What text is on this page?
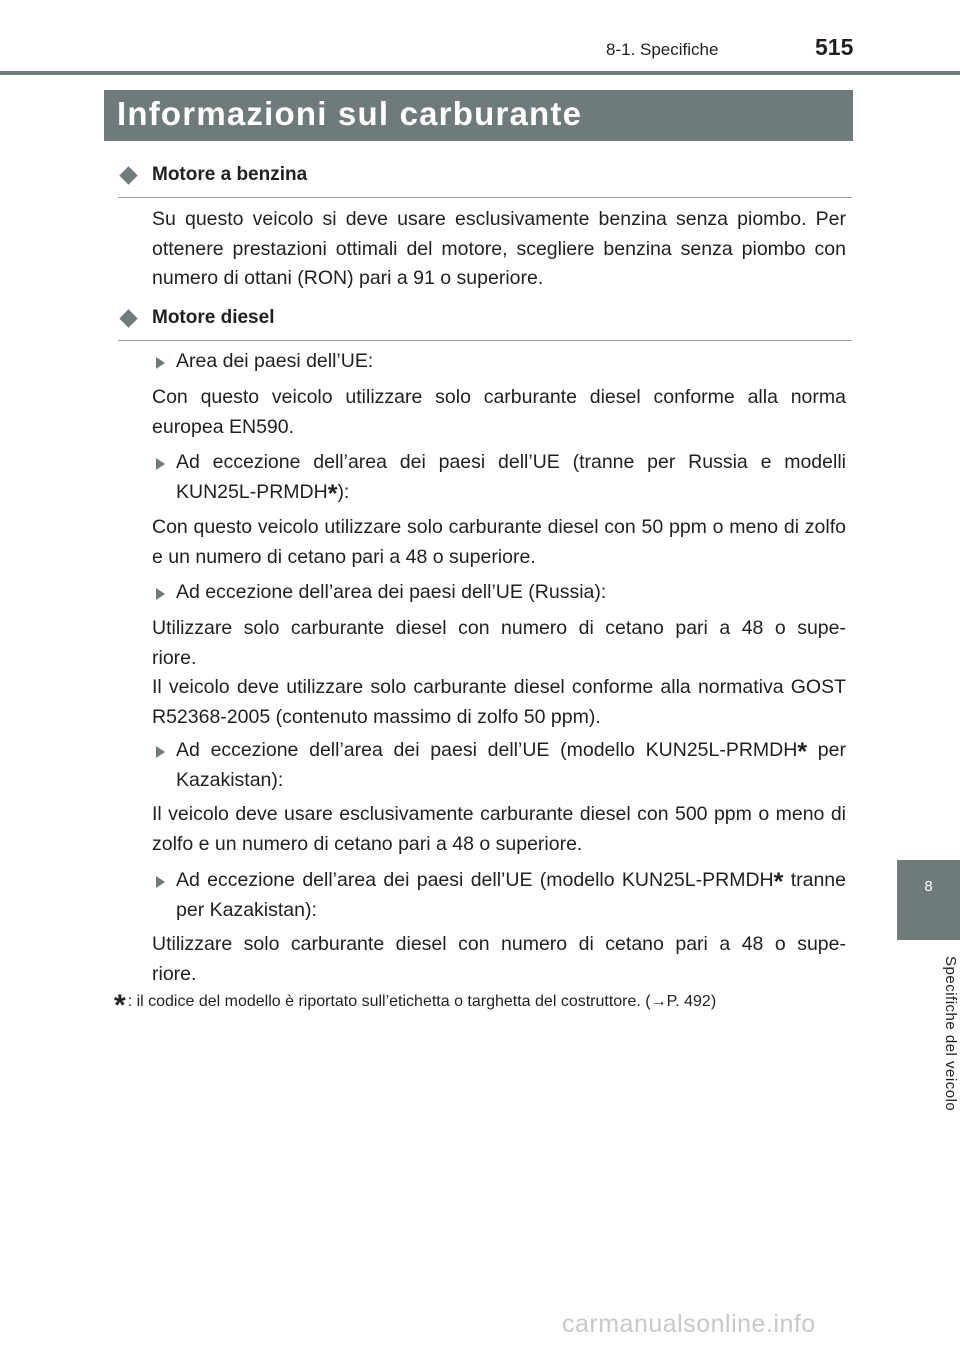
8-1. Specifiche	515
Informazioni sul carburante
8
Specifiche del veicolo
Motore a benzina
Su questo veicolo si deve usare esclusivamente benzina senza piombo. Per ottenere prestazioni ottimali del motore, scegliere benzina senza piombo con numero di ottani (RON) pari a 91 o superiore.
Motore diesel
Area dei paesi dell’UE:
Con questo veicolo utilizzare solo carburante diesel conforme alla norma europea EN590.
Ad eccezione dell’area dei paesi dell’UE (tranne per Russia e modelli KUN25L-PRMDH*):
Con questo veicolo utilizzare solo carburante diesel con 50 ppm o meno di zolfo e un numero di cetano pari a 48 o superiore.
Ad eccezione dell’area dei paesi dell’UE (Russia):
Utilizzare solo carburante diesel con numero di cetano pari a 48 o supe-
riore.
Il veicolo deve utilizzare solo carburante diesel conforme alla normativa GOST R52368-2005 (contenuto massimo di zolfo 50 ppm).
Ad eccezione dell’area dei paesi dell’UE (modello KUN25L-PRMDH* per Kazakistan):
Il veicolo deve usare esclusivamente carburante diesel con 500 ppm o meno di zolfo e un numero di cetano pari a 48 o superiore.
Ad eccezione dell’area dei paesi dell’UE (modello KUN25L-PRMDH* tranne per Kazakistan):
Utilizzare solo carburante diesel con numero di cetano pari a 48 o supe-
riore.
* : il codice del modello è riportato sull’etichetta o targhetta del costruttore. (→P. 492)
carmanualsonline.info
